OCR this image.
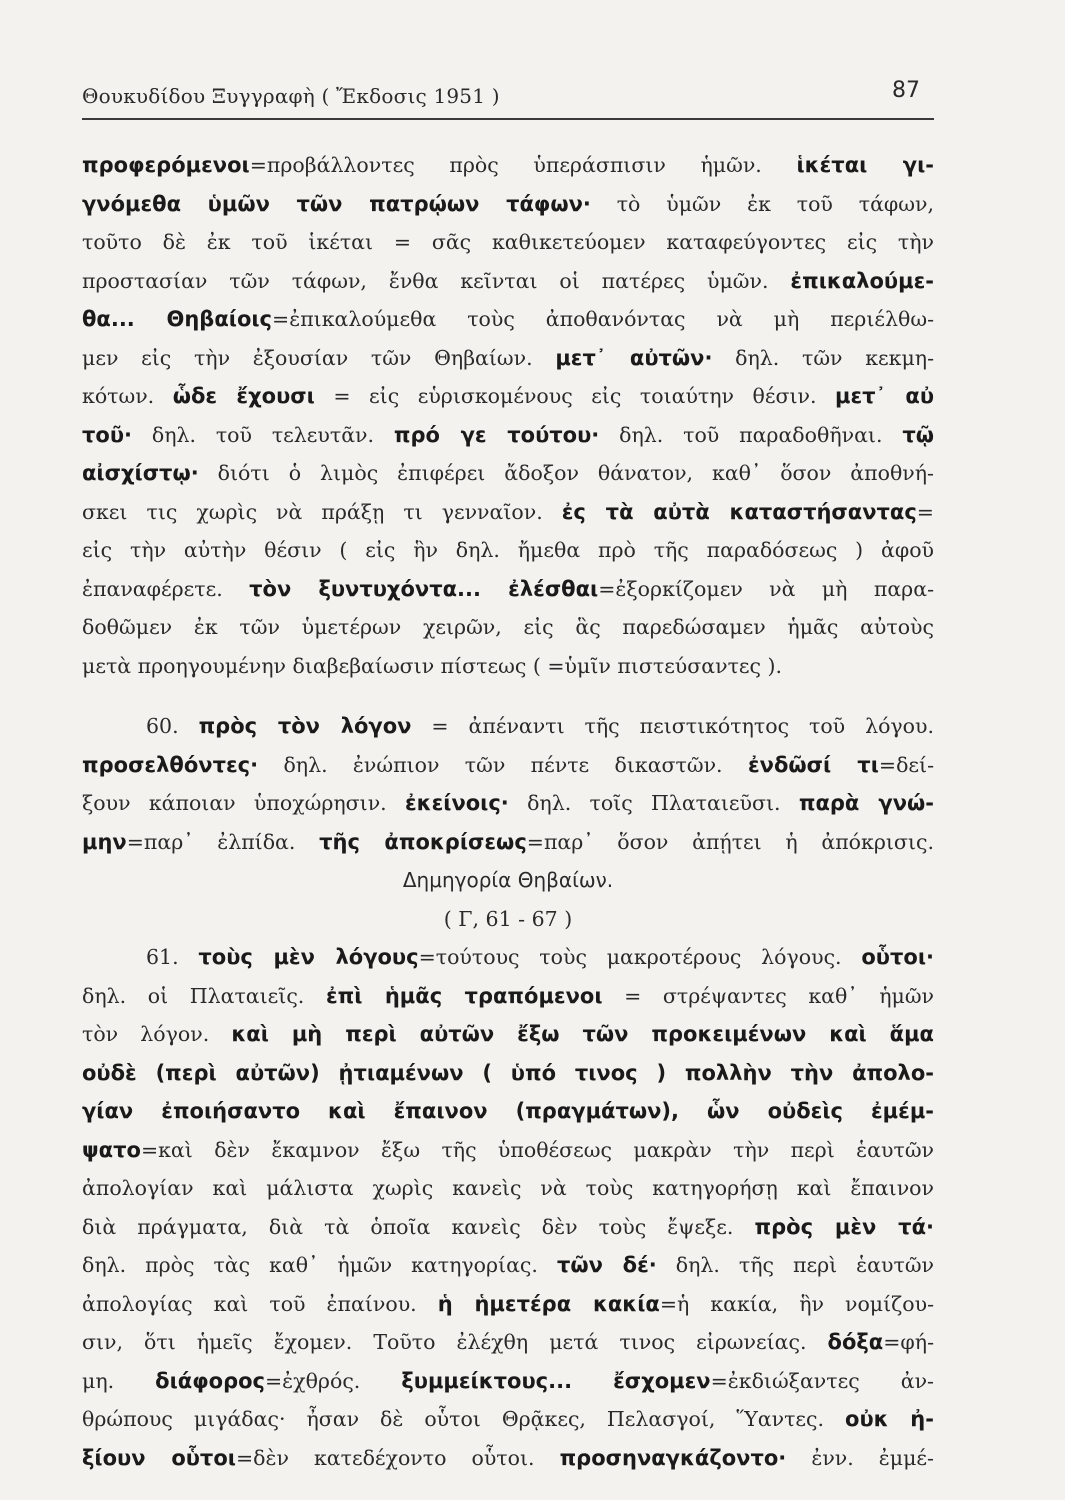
Θουκυδίδου Ξυγγραφὴ ( Ἔκδοσις 1951 )	87
προφερόμενοι=προβάλλοντες πρὸς ὑπεράσπισιν ἡμῶν. ἱκέται γι-
γνόμεθα ὑμῶν τῶν πατρῴων τάφων· τὸ ὑμῶν ἐκ τοῦ τάφων,
τοῦτο δὲ ἐκ τοῦ ἱκέται = σᾶς καθικετεύομεν καταφεύγοντες εἰς τὴν
προστασίαν τῶν τάφων, ἔνθα κεῖνται οἱ πατέρες ὑμῶν. ἐπικαλούμε-
θα... Θηβαίοις=ἐπικαλούμεθα τοὺς ἀποθανόντας νὰ μὴ περιέλθω-
μεν εἰς τὴν ἐξουσίαν τῶν Θηβαίων. μετ᾽ αὐτῶν· δηλ. τῶν κεκμη-
κότων. ὧδε ἔχουσι = εἰς εὑρισκομένους εἰς τοιαύτην θέσιν. μετ᾽ αὐ
τοῦ· δηλ. τοῦ τελευτᾶν. πρό γε τούτου· δηλ. τοῦ παραδοθῆναι. τῷ
αἰσχίστῳ· διότι ὁ λιμὸς ἐπιφέρει ἄδοξον θάνατον, καθ᾽ ὅσον ἀποθνή-
σκει τις χωρὶς νὰ πράξῃ τι γενναῖον. ἐς τὰ αὐτὰ καταστήσαντας=
εἰς τὴν αὐτὴν θέσιν ( εἰς ἣν δηλ. ἤμεθα πρὸ τῆς παραδόσεως ) ἀφοῦ
ἐπαναφέρετε. τὸν ξυντυχόντα... ἐλέσθαι=ἐξορκίζομεν νὰ μὴ παρα-
δοθῶμεν ἐκ τῶν ὑμετέρων χειρῶν, εἰς ἃς παρεδώσαμεν ἡμᾶς αὐτοὺς
μετὰ προηγουμένην διαβεβαίωσιν πίστεως ( =ὑμῖν πιστεύσαντες ).
60. πρὸς τὸν λόγον = ἀπέναντι τῆς πειστικότητος τοῦ λόγου.
προσελθόντες· δηλ. ἐνώπιον τῶν πέντε δικαστῶν. ἐνδῶσί τι=δεί-
ξουν κάποιαν ὑποχώρησιν. ἐκείνοις· δηλ. τοῖς Πλαταιεῦσι. παρὰ γνώ-
μην=παρ᾽ ἐλπίδα. τῆς ἀποκρίσεως=παρ᾽ ὅσον ἀπῄτει ἡ ἀπόκρισις.
Δημηγορία Θηβαίων.
( Γ, 61 - 67 )
61. τοὺς μὲν λόγους=τούτους τοὺς μακροτέρους λόγους. οὗτοι·
δηλ. οἱ Πλαταιεῖς. ἐπὶ ἡμᾶς τραπόμενοι = στρέψαντες καθ᾽ ἡμῶν
τὸν λόγον. καὶ μὴ περὶ αὐτῶν ἔξω τῶν προκειμένων καὶ ἅμα
οὐδὲ (περὶ αὐτῶν) ᾐτιαμένων ( ὑπό τινος ) πολλὴν τὴν ἀπολο-
γίαν ἐποιήσαντο καὶ ἔπαινον (πραγμάτων), ὧν οὐδεὶς ἐμέμ-
ψατο=καὶ δὲν ἔκαμνον ἔξω τῆς ὑποθέσεως μακρὰν τὴν περὶ ἑαυτῶν
ἀπολογίαν καὶ μάλιστα χωρὶς κανεὶς νὰ τοὺς κατηγορήσῃ καὶ ἔπαινον
διὰ πράγματα, διὰ τὰ ὁποῖα κανεὶς δὲν τοὺς ἔψεξε. πρὸς μὲν τά·
δηλ. πρὸς τὰς καθ᾽ ἡμῶν κατηγορίας. τῶν δέ· δηλ. τῆς περὶ ἑαυτῶν
ἀπολογίας καὶ τοῦ ἐπαίνου. ἡ ἡμετέρα κακία=ἡ κακία, ἣν νομίζου-
σιν, ὅτι ἡμεῖς ἔχομεν. Τοῦτο ἐλέχθη μετά τινος εἰρωνείας. δόξα=φή-
μη. διάφορος=ἐχθρός. ξυμμείκτους... ἔσχομεν=ἐκδιώξαντες ἀν-
θρώπους μιγάδας· ἦσαν δὲ οὗτοι Θρᾷκες, Πελασγοί, Ὕαντες. οὐκ ἠ-
ξίουν οὗτοι=δὲν κατεδέχοντο οὗτοι. προσηναγκάζοντο· ἐνν. ἐμμέ-
